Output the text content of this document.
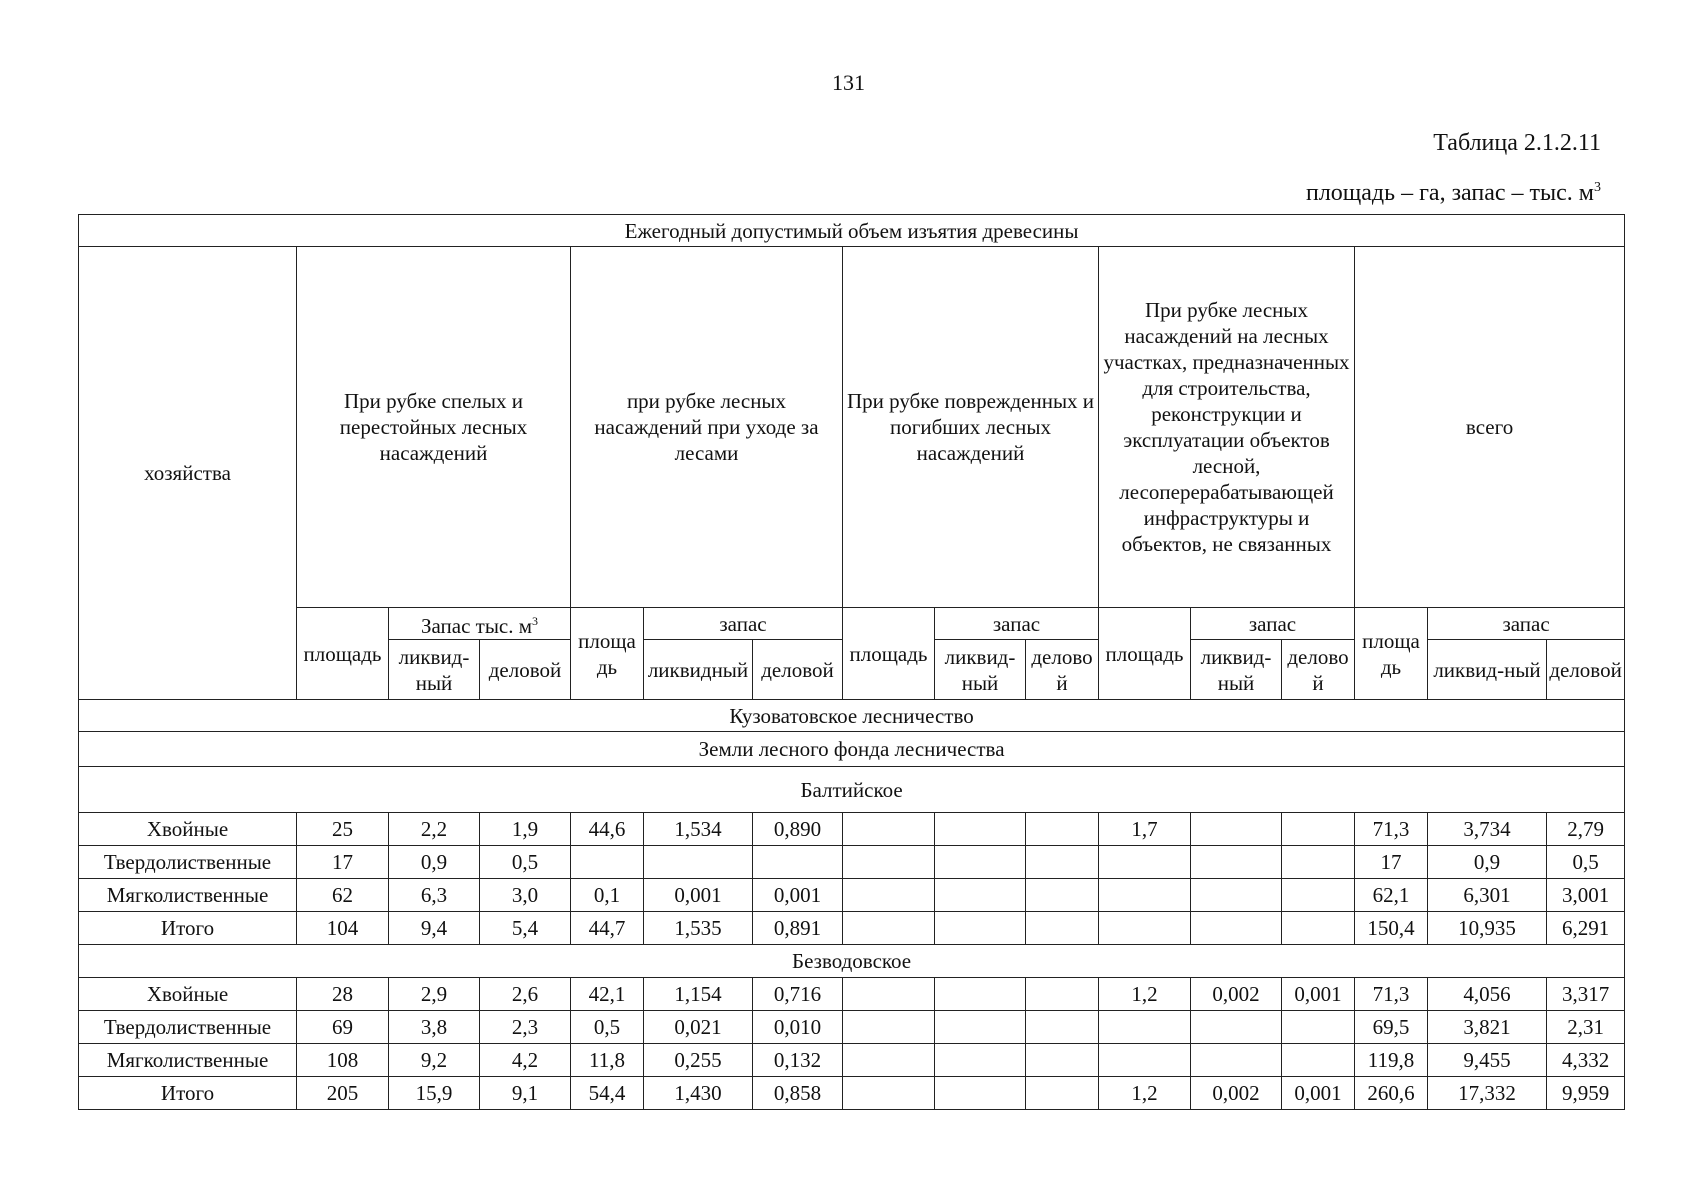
131
Таблица 2.1.2.11
площадь – га, запас – тыс. $м^3$
Ежегодный допустимый объем изъятия древесины															
хозяйства	При рубке спелых и перестойных лесных насаждений			при рубке лесных насаждений при уходе за лесами			При рубке поврежденных и погибших лесных насаждений			При рубке лесных насаждений на лесных участках, предназначенных для строительства, реконструкции и эксплуатации объектов лесной, лесоперерабатывающей инфраструктуры и объектов, не связанных			всего		
	площадь	Запас тыс. $м^3$		площадь	запас		площадь	запас		площадь	запас		площадь	запас	
		ликвид-ный	деловой		ликвидный	деловой		ликвид-ный	деловой		ликвид-ный	деловой		ликвид-ный	деловой
Кузоватовское лесничество															
Земли лесного фонда лесничества															
Балтийское															
Хвойные	25	2,2	1,9	44,6	1,534	0,890				1,7			71,3	3,734	2,79
Твердолиственные	17	0,9	0,5										17	0,9	0,5
Мягколиственные	62	6,3	3,0	0,1	0,001	0,001							62,1	6,301	3,001
Итого	104	9,4	5,4	44,7	1,535	0,891							150,4	10,935	6,291
Безводовское															
Хвойные	28	2,9	2,6	42,1	1,154	0,716				1,2	0,002	0,001	71,3	4,056	3,317
Твердолиственные	69	3,8	2,3	0,5	0,021	0,010							69,5	3,821	2,31
Мягколиственные	108	9,2	4,2	11,8	0,255	0,132							119,8	9,455	4,332
Итого	205	15,9	9,1	54,4	1,430	0,858				1,2	0,002	0,001	260,6	17,332	9,959
